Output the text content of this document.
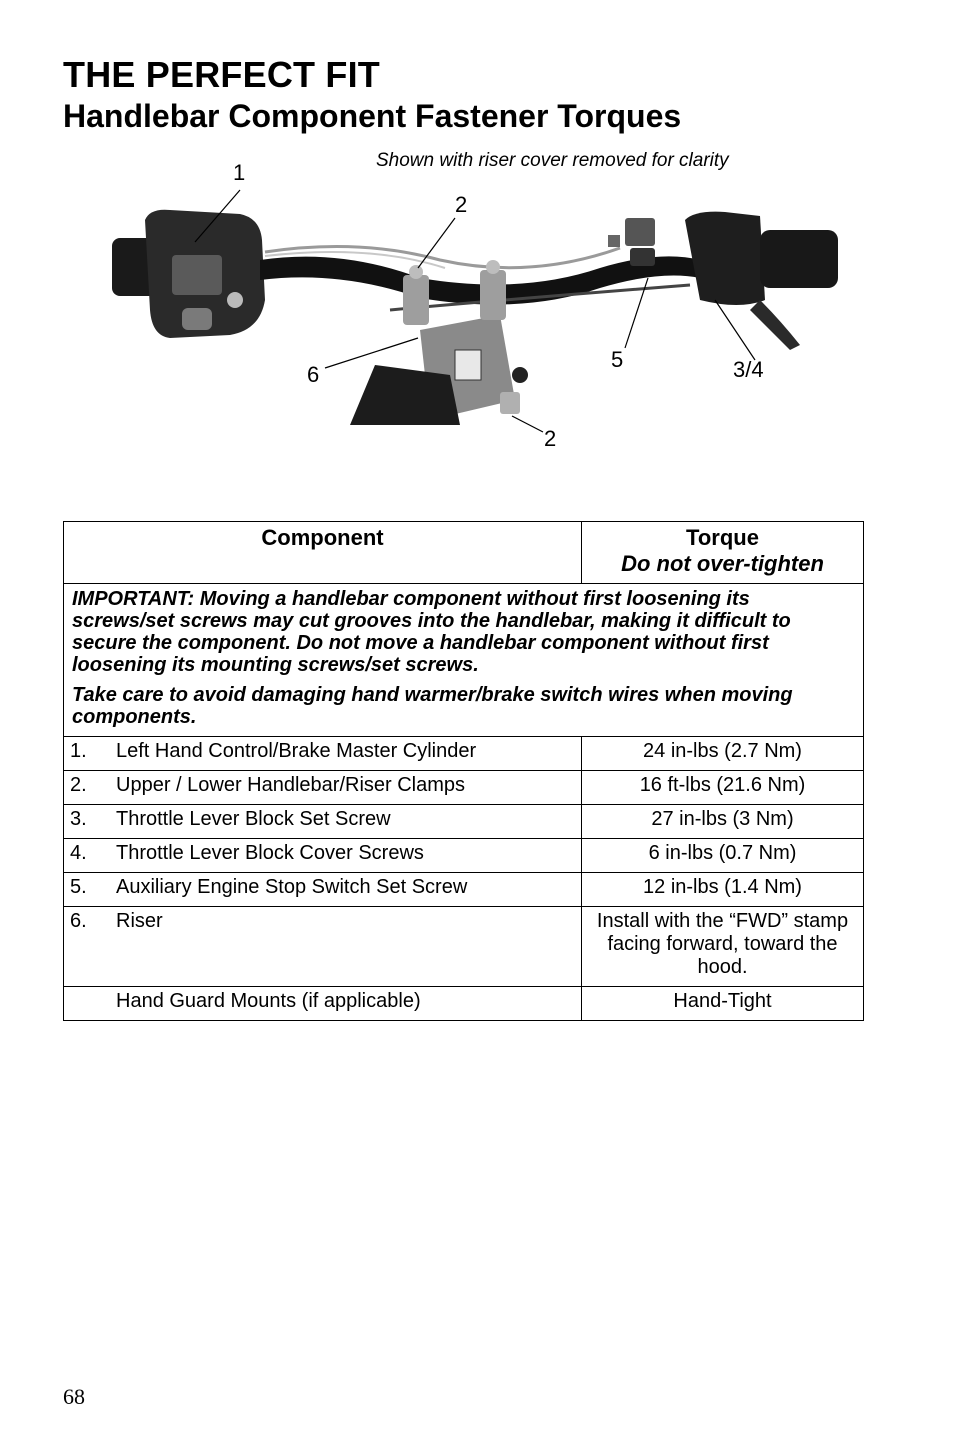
THE PERFECT FIT
Handlebar Component Fastener Torques
Shown with riser cover removed for clarity
1
2
2
3/4
5
6
Component	Torque
Do not over-tighten

IMPORTANT: Moving a handlebar component without first loosening its screws/set screws may cut grooves into the handlebar, making it difficult to secure the component. Do not move a handlebar component without first loosening its mounting screws/set screws.

Take care to avoid damaging hand warmer/brake switch wires when moving components.	

1. Left Hand Control/Brake Master Cylinder	24 in-lbs (2.7 Nm)
2. Upper / Lower Handlebar/Riser Clamps	16 ft-lbs (21.6 Nm)
3. Throttle Lever Block Set Screw	27 in-lbs (3 Nm)
4. Throttle Lever Block Cover Screws	6 in-lbs (0.7 Nm)
5. Auxiliary Engine Stop Switch Set Screw	12 in-lbs (1.4 Nm)
6. Riser	Install with the “FWD” stamp facing forward, toward the hood.
Hand Guard Mounts (if applicable)	Hand-Tight
68
